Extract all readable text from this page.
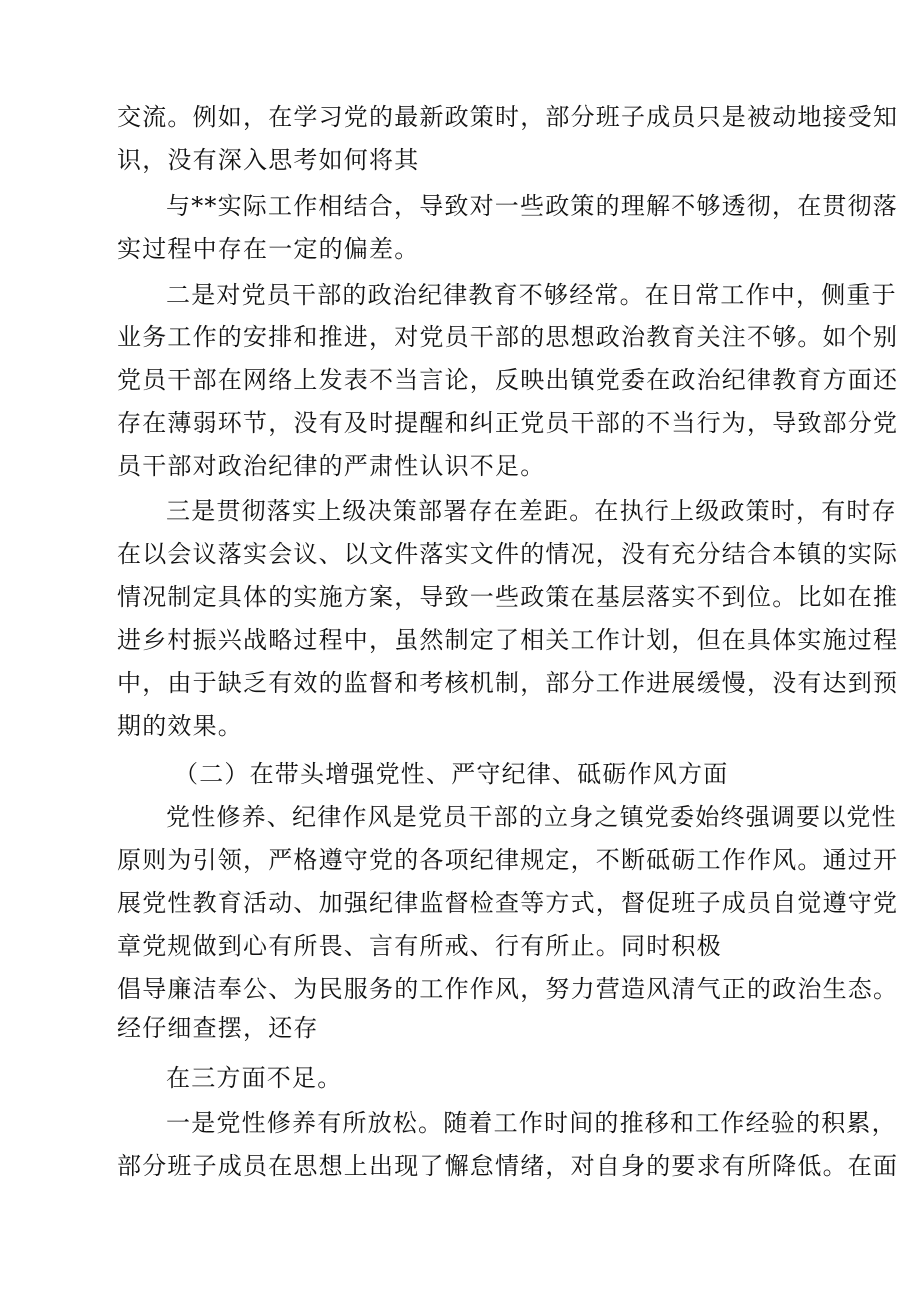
交流。例如，在学习党的最新政策时，部分班子成员只是被动地接受知
识，没有深入思考如何将其
与**实际工作相结合，导致对一些政策的理解不够透彻，在贯彻落
实过程中存在一定的偏差。
二是对党员干部的政治纪律教育不够经常。在日常工作中，侧重于
业务工作的安排和推进，对党员干部的思想政治教育关注不够。如个别
党员干部在网络上发表不当言论，反映出镇党委在政治纪律教育方面还
存在薄弱环节，没有及时提醒和纠正党员干部的不当行为，导致部分党
员干部对政治纪律的严肃性认识不足。
三是贯彻落实上级决策部署存在差距。在执行上级政策时，有时存
在以会议落实会议、以文件落实文件的情况，没有充分结合本镇的实际
情况制定具体的实施方案，导致一些政策在基层落实不到位。比如在推
进乡村振兴战略过程中，虽然制定了相关工作计划，但在具体实施过程
中，由于缺乏有效的监督和考核机制，部分工作进展缓慢，没有达到预
期的效果。
（二）在带头增强党性、严守纪律、砥砺作风方面
党性修养、纪律作风是党员干部的立身之镇党委始终强调要以党性
原则为引领，严格遵守党的各项纪律规定，不断砥砺工作作风。通过开
展党性教育活动、加强纪律监督检查等方式，督促班子成员自觉遵守党
章党规做到心有所畏、言有所戒、行有所止。同时积极
倡导廉洁奉公、为民服务的工作作风，努力营造风清气正的政治生态。
经仔细查摆，还存
在三方面不足。
一是党性修养有所放松。随着工作时间的推移和工作经验的积累，
部分班子成员在思想上出现了懈怠情绪，对自身的要求有所降低。在面
